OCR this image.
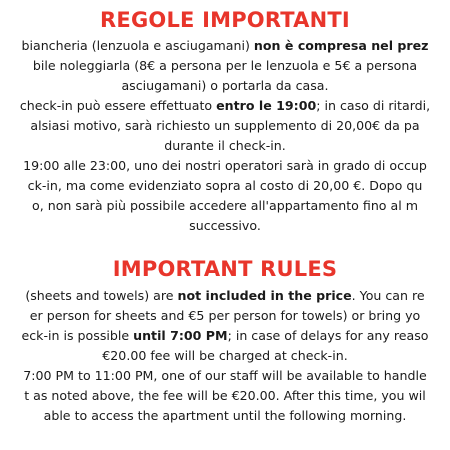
REGOLE IMPORTANTI

biancheria (lenzuola e asciugamani) non è compresa nel prez

bile noleggiarla (8€ a persona per le lenzuola e 5€ a persona

asciugamani) o portarla da casa.

check-in può essere effettuato entro le 19:00; in caso di ritardi,

alsiasi motivo, sarà richiesto un supplemento di 20,00€ da pa

durante il check-in.

19:00 alle 23:00, uno dei nostri operatori sarà in grado di occup

ck-in, ma come evidenziato sopra al costo di 20,00 €. Dopo qu

o, non sarà più possibile accedere all'appartamento fino al m

successivo.

IMPORTANT RULES

(sheets and towels) are not included in the price. You can re

er person for sheets and €5 per person for towels) or bring yo

eck-in is possible until 7:00 PM; in case of delays for any reaso

€20.00 fee will be charged at check-in.

7:00 PM to 11:00 PM, one of our staff will be available to handle

t as noted above, the fee will be €20.00. After this time, you wil

able to access the apartment until the following morning.
